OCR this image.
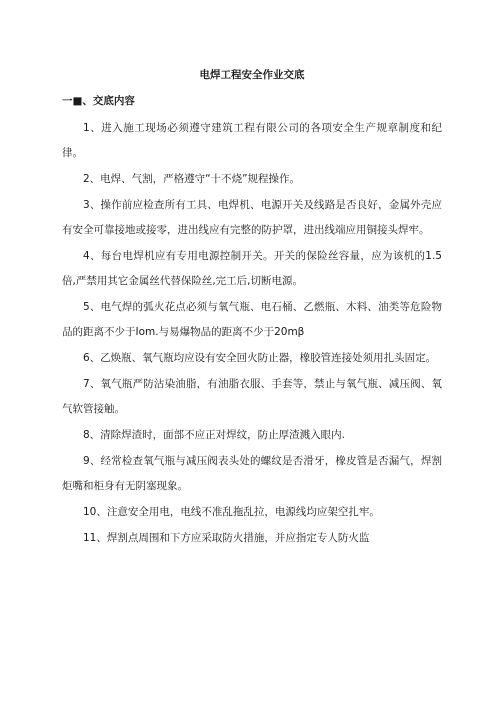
电焊工程安全作业交底
一■、交底内容

1、进入施工现场必须遵守建筑工程有限公司的各项安全生产规章制度和纪律。

2、电焊、气割，严格遵守“十不烧”规程操作。

3、操作前应检查所有工具、电焊机、电源开关及线路是否良好，金属外壳应有安全可靠接地或接零，进出线应有完整的防护罩，进出线端应用铜接头焊牢。

4、每台电焊机应有专用电源控制开关。开关的保险丝容量，应为该机的1.5倍,严禁用其它金属丝代替保险丝,完工后,切断电源。

5、电气焊的弧火花点必须与氧气瓶、电石桶、乙燃瓶、木料、油类等危险物品的距离不少于Iom.与易爆物品的距离不少于20mβ

6、乙焕瓶、氧气瓶均应设有安全回火防止器，橡胶管连接处须用扎头固定。

7、氧气瓶严防沾染油脂，有油脂衣服、手套等，禁止与氧气瓶、减压阀、氧气软管接触。

8、清除焊渣时，面部不应正对焊纹，防止厚渣溅入眼内.

9、经常检查氧气瓶与减压阀表头处的螺纹是否滑牙，橡皮管是否漏气，焊割炬嘴和柜身有无阴塞现象。

10、注意安全用电，电线不准乱拖乱拉，电源线均应架空扎牢。

11、焊割点周围和下方应采取防火措施，并应指定专人防火监
